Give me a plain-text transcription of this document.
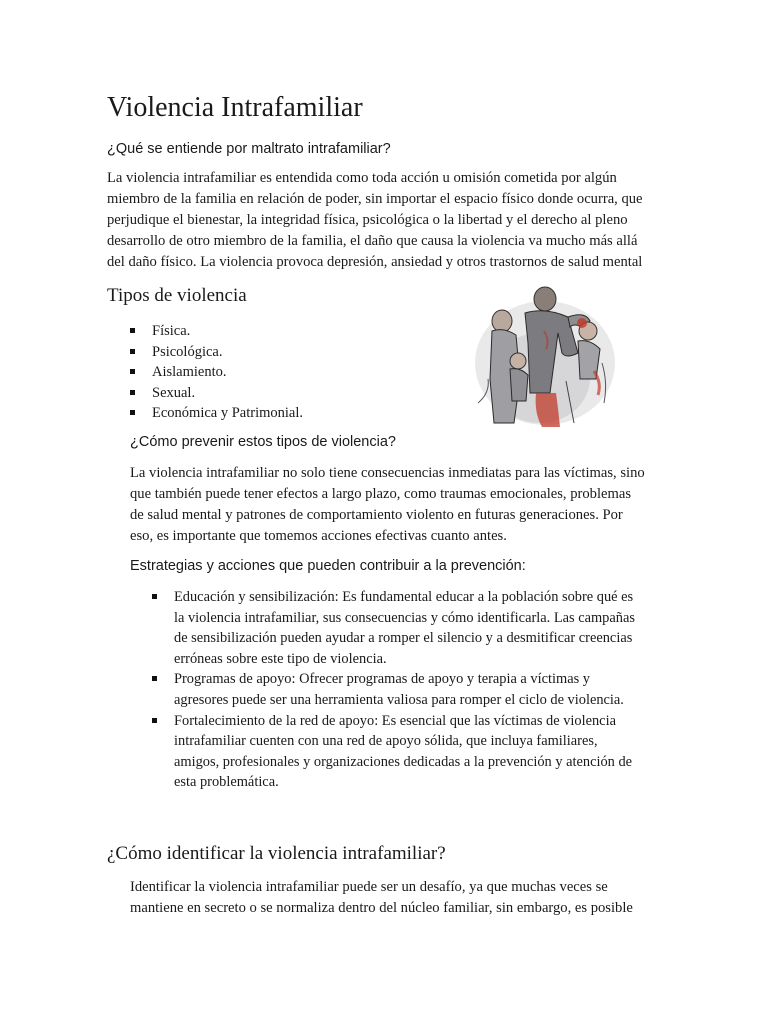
Violencia Intrafamiliar
¿Qué se entiende por maltrato intrafamiliar?

La violencia intrafamiliar es entendida como toda acción u omisión cometida por algún
miembro de la familia en relación de poder, sin importar el espacio físico donde ocurra, que
perjudique el bienestar, la integridad física, psicológica o la libertad y el derecho al pleno
desarrollo de otro miembro de la familia, el daño que causa la violencia va mucho más allá
del daño físico. La violencia provoca depresión, ansiedad y otros trastornos de salud mental

Tipos de violencia
Física.
Psicológica.
Aislamiento.
Sexual.
Económica y Patrimonial.
¿Cómo prevenir estos tipos de violencia?

La violencia intrafamiliar no solo tiene consecuencias inmediatas para las víctimas, sino
que también puede tener efectos a largo plazo, como traumas emocionales, problemas
de salud mental y patrones de comportamiento violento en futuras generaciones. Por
eso, es importante que tomemos acciones efectivas cuanto antes.

Estrategias y acciones que pueden contribuir a la prevención:
Educación y sensibilización: Es fundamental educar a la población sobre qué es
la violencia intrafamiliar, sus consecuencias y cómo identificarla. Las campañas
de sensibilización pueden ayudar a romper el silencio y a desmitificar creencias
erróneas sobre este tipo de violencia.
Programas de apoyo: Ofrecer programas de apoyo y terapia a víctimas y
agresores puede ser una herramienta valiosa para romper el ciclo de violencia.
Fortalecimiento de la red de apoyo: Es esencial que las víctimas de violencia
intrafamiliar cuenten con una red de apoyo sólida, que incluya familiares,
amigos, profesionales y organizaciones dedicadas a la prevención y atención de
esta problemática.
¿Cómo identificar la violencia intrafamiliar?

Identificar la violencia intrafamiliar puede ser un desafío, ya que muchas veces se
mantiene en secreto o se normaliza dentro del núcleo familiar, sin embargo, es posible
